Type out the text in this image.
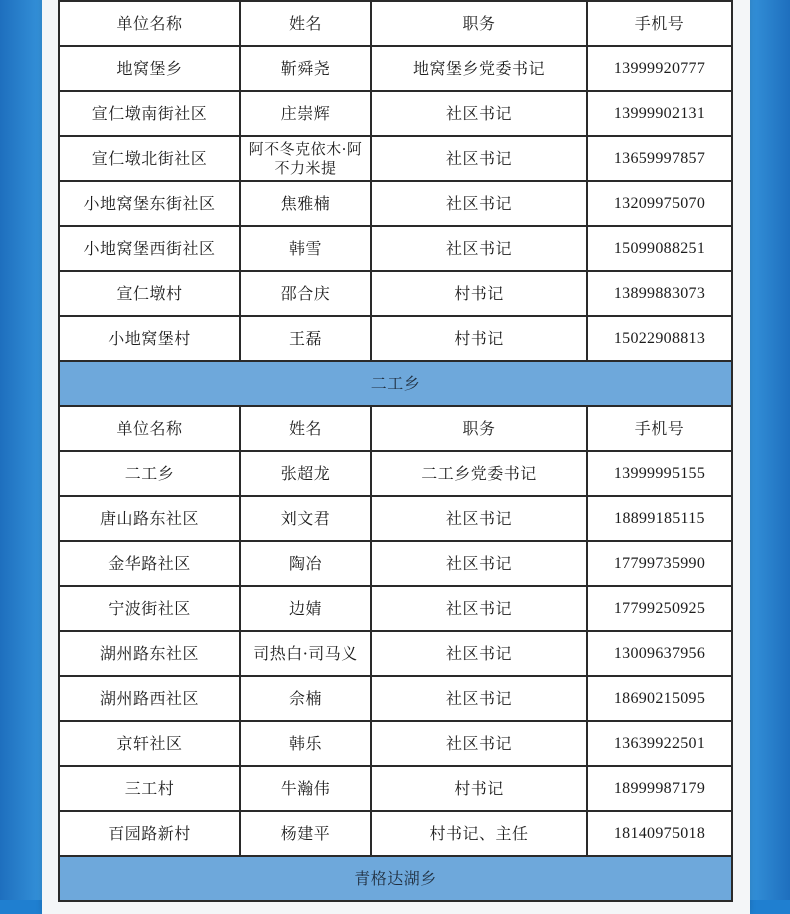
单位名称	姓名	职务	手机号
地窝堡乡	靳舜尧	地窝堡乡党委书记	13999920777
宣仁墩南街社区	庄崇辉	社区书记	13999902131
宣仁墩北街社区	阿不冬克依木·阿不力米提	社区书记	13659997857
小地窝堡东街社区	焦雅楠	社区书记	13209975070
小地窝堡西街社区	韩雪	社区书记	15099088251
宣仁墩村	邵合庆	村书记	13899883073
小地窝堡村	王磊	村书记	15022908813
二工乡			
单位名称	姓名	职务	手机号
二工乡	张超龙	二工乡党委书记	13999995155
唐山路东社区	刘文君	社区书记	18899185115
金华路社区	陶冶	社区书记	17799735990
宁波街社区	边婧	社区书记	17799250925
湖州路东社区	司热白·司马义	社区书记	13009637956
湖州路西社区	佘楠	社区书记	18690215095
京轩社区	韩乐	社区书记	13639922501
三工村	牛瀚伟	村书记	18999987179
百园路新村	杨建平	村书记、主任	18140975018
青格达湖乡			
